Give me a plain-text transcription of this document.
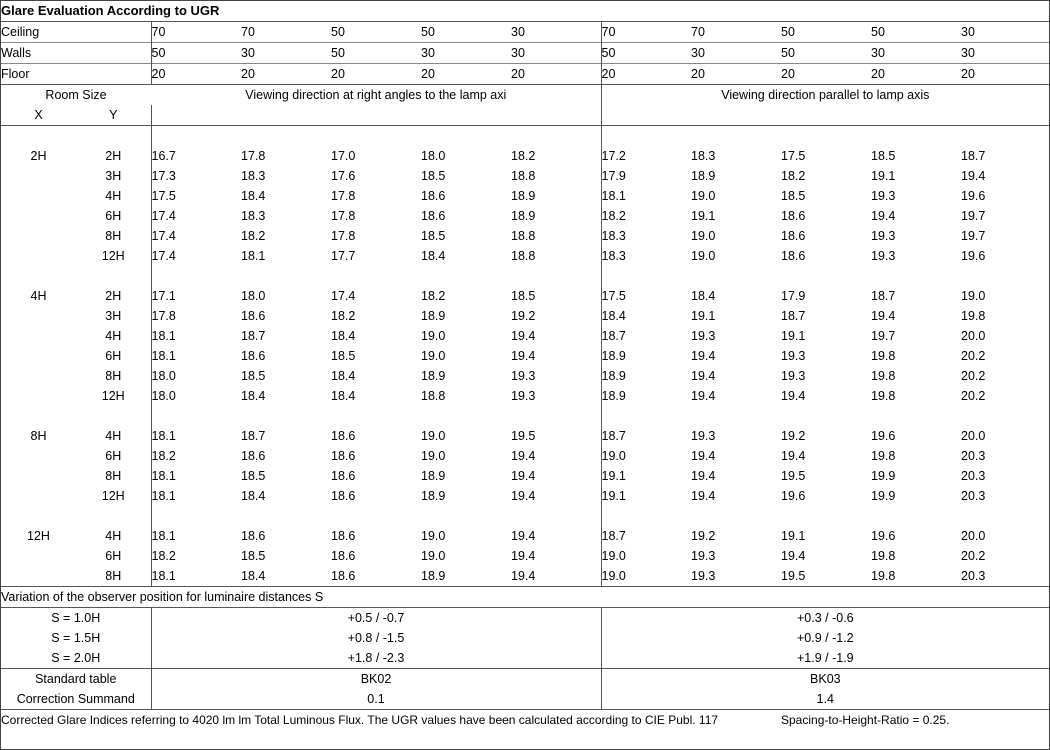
Glare Evaluation According to UGR											
Ceiling		70	70	50	50	30	70	70	50	50	30
Walls		50	30	50	30	30	50	30	50	30	30
Floor		20	20	20	20	20	20	20	20	20	20
Room Size		Viewing direction at right angles to the lamp axi					Viewing direction parallel to lamp axis				
X	Y										

2H	2H	16.7	17.8	17.0	18.0	18.2	17.2	18.3	17.5	18.5	18.7
	3H	17.3	18.3	17.6	18.5	18.8	17.9	18.9	18.2	19.1	19.4
	4H	17.5	18.4	17.8	18.6	18.9	18.1	19.0	18.5	19.3	19.6
	6H	17.4	18.3	17.8	18.6	18.9	18.2	19.1	18.6	19.4	19.7
	8H	17.4	18.2	17.8	18.5	18.8	18.3	19.0	18.6	19.3	19.7
	12H	17.4	18.1	17.7	18.4	18.8	18.3	19.0	18.6	19.3	19.6

4H	2H	17.1	18.0	17.4	18.2	18.5	17.5	18.4	17.9	18.7	19.0
	3H	17.8	18.6	18.2	18.9	19.2	18.4	19.1	18.7	19.4	19.8
	4H	18.1	18.7	18.4	19.0	19.4	18.7	19.3	19.1	19.7	20.0
	6H	18.1	18.6	18.5	19.0	19.4	18.9	19.4	19.3	19.8	20.2
	8H	18.0	18.5	18.4	18.9	19.3	18.9	19.4	19.3	19.8	20.2
	12H	18.0	18.4	18.4	18.8	19.3	18.9	19.4	19.4	19.8	20.2

8H	4H	18.1	18.7	18.6	19.0	19.5	18.7	19.3	19.2	19.6	20.0
	6H	18.2	18.6	18.6	19.0	19.4	19.0	19.4	19.4	19.8	20.3
	8H	18.1	18.5	18.6	18.9	19.4	19.1	19.4	19.5	19.9	20.3
	12H	18.1	18.4	18.6	18.9	19.4	19.1	19.4	19.6	19.9	20.3

12H	4H	18.1	18.6	18.6	19.0	19.4	18.7	19.2	19.1	19.6	20.0
	6H	18.2	18.5	18.6	19.0	19.4	19.0	19.3	19.4	19.8	20.2
	8H	18.1	18.4	18.6	18.9	19.4	19.0	19.3	19.5	19.8	20.3
Variation of the observer position for luminaire distances S											
S = 1.0H		+0.5 / -0.7					+0.3 / -0.6				
S = 1.5H		+0.8 / -1.5					+0.9 / -1.2				
S = 2.0H		+1.8 / -2.3					+1.9 / -1.9				
Standard table		BK02					BK03				
Correction Summand		0.1					1.4				
Corrected Glare Indices referring to 4020 lm lm Total Luminous Flux. The UGR values have been calculated according to CIE Publ. 117									Spacing-to-Height-Ratio = 0.25.		
